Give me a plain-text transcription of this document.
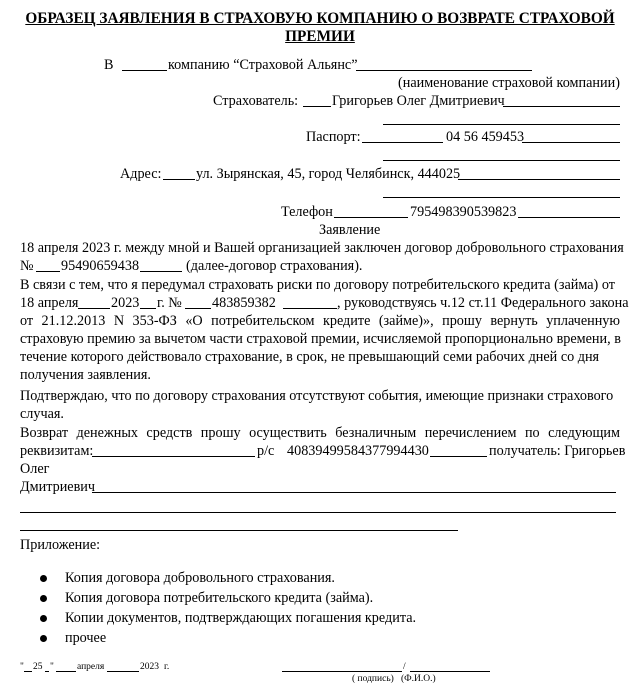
ОБРАЗЕЦ ЗАЯВЛЕНИЯ В СТРАХОВУЮ КОМПАНИЮ О ВОЗВРАТЕ СТРАХОВОЙ ПРЕМИИ
В	компанию “Страховой Альянс”
(наименование страховой компании)
Страхователь: Григорьев Олег Дмитриевич
Паспорт:	04 56 459453
Адрес: ул. Зырянская, 45, город Челябинск, 444025
Телефон	795498390539823
Заявление
18 апреля 2023 г. между мной и Вашей организацией заключен договор добровольного страхования
№ 95490659438	(далее-договор страхования).
В связи с тем, что я передумал страховать риски по договору потребительского кредита (займа) от
18 апреля 2023 г. № 483859382	, руководствуясь ч.12 ст.11 Федерального закона
от 21.12.2013 N 353-ФЗ «О потребительском кредите (займе)», прошу вернуть уплаченную
страховую премию за вычетом части страховой премии, исчисляемой пропорционально времени, в
течение которого действовало страхование, в срок, не превышающий семи рабочих дней со дня
получения заявления.
Подтверждаю, что по договору страхования отсутствуют события, имеющие признаки страхового
случая.
Возврат денежных средств прошу осуществить безналичным перечислением по следующим
реквизитам:	р/с 40839499584377994430	получатель: Григорьев
Олег
Дмитриевич
Приложение:
Копия договора добровольного страхования.
Копия договора потребительского кредита (займа).
Копии документов, подтверждающих погашения кредита.
прочее
" 25 " апреля	2023 г.	/
( подпись)   (Ф.И.О.)
